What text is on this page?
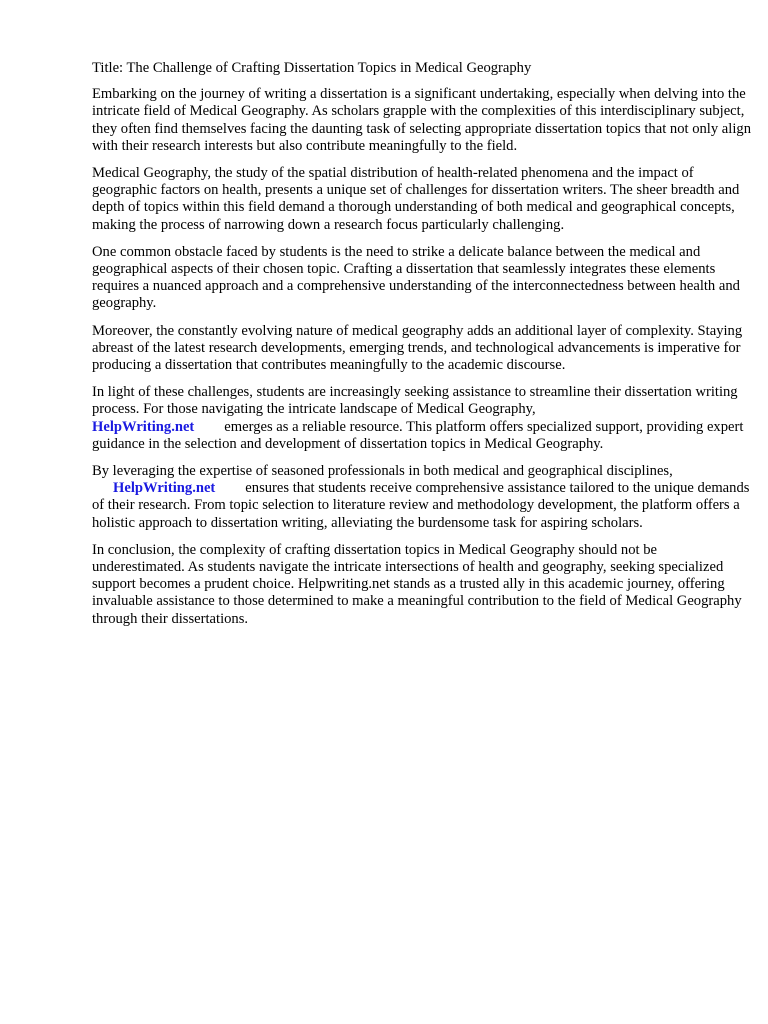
Title: The Challenge of Crafting Dissertation Topics in Medical Geography

Embarking on the journey of writing a dissertation is a significant undertaking, especially when delving into the intricate field of Medical Geography. As scholars grapple with the complexities of this interdisciplinary subject, they often find themselves facing the daunting task of selecting appropriate dissertation topics that not only align with their research interests but also contribute meaningfully to the field.

Medical Geography, the study of the spatial distribution of health-related phenomena and the impact of geographic factors on health, presents a unique set of challenges for dissertation writers. The sheer breadth and depth of topics within this field demand a thorough understanding of both medical and geographical concepts, making the process of narrowing down a research focus particularly challenging.

One common obstacle faced by students is the need to strike a delicate balance between the medical and geographical aspects of their chosen topic. Crafting a dissertation that seamlessly integrates these elements requires a nuanced approach and a comprehensive understanding of the interconnectedness between health and geography.

Moreover, the constantly evolving nature of medical geography adds an additional layer of complexity. Staying abreast of the latest research developments, emerging trends, and technological advancements is imperative for producing a dissertation that contributes meaningfully to the academic discourse.

In light of these challenges, students are increasingly seeking assistance to streamline their dissertation writing process. For those navigating the intricate landscape of Medical Geography,
HelpWriting.net emerges as a reliable resource. This platform offers specialized support, providing expert guidance in the selection and development of dissertation topics in Medical Geography.

By leveraging the expertise of seasoned professionals in both medical and geographical disciplines,
HelpWriting.net ensures that students receive comprehensive assistance tailored to the unique demands of their research. From topic selection to literature review and methodology development, the platform offers a holistic approach to dissertation writing, alleviating the burdensome task for aspiring scholars.

In conclusion, the complexity of crafting dissertation topics in Medical Geography should not be underestimated. As students navigate the intricate intersections of health and geography, seeking specialized support becomes a prudent choice. Helpwriting.net stands as a trusted ally in this academic journey, offering invaluable assistance to those determined to make a meaningful contribution to the field of Medical Geography through their dissertations.
